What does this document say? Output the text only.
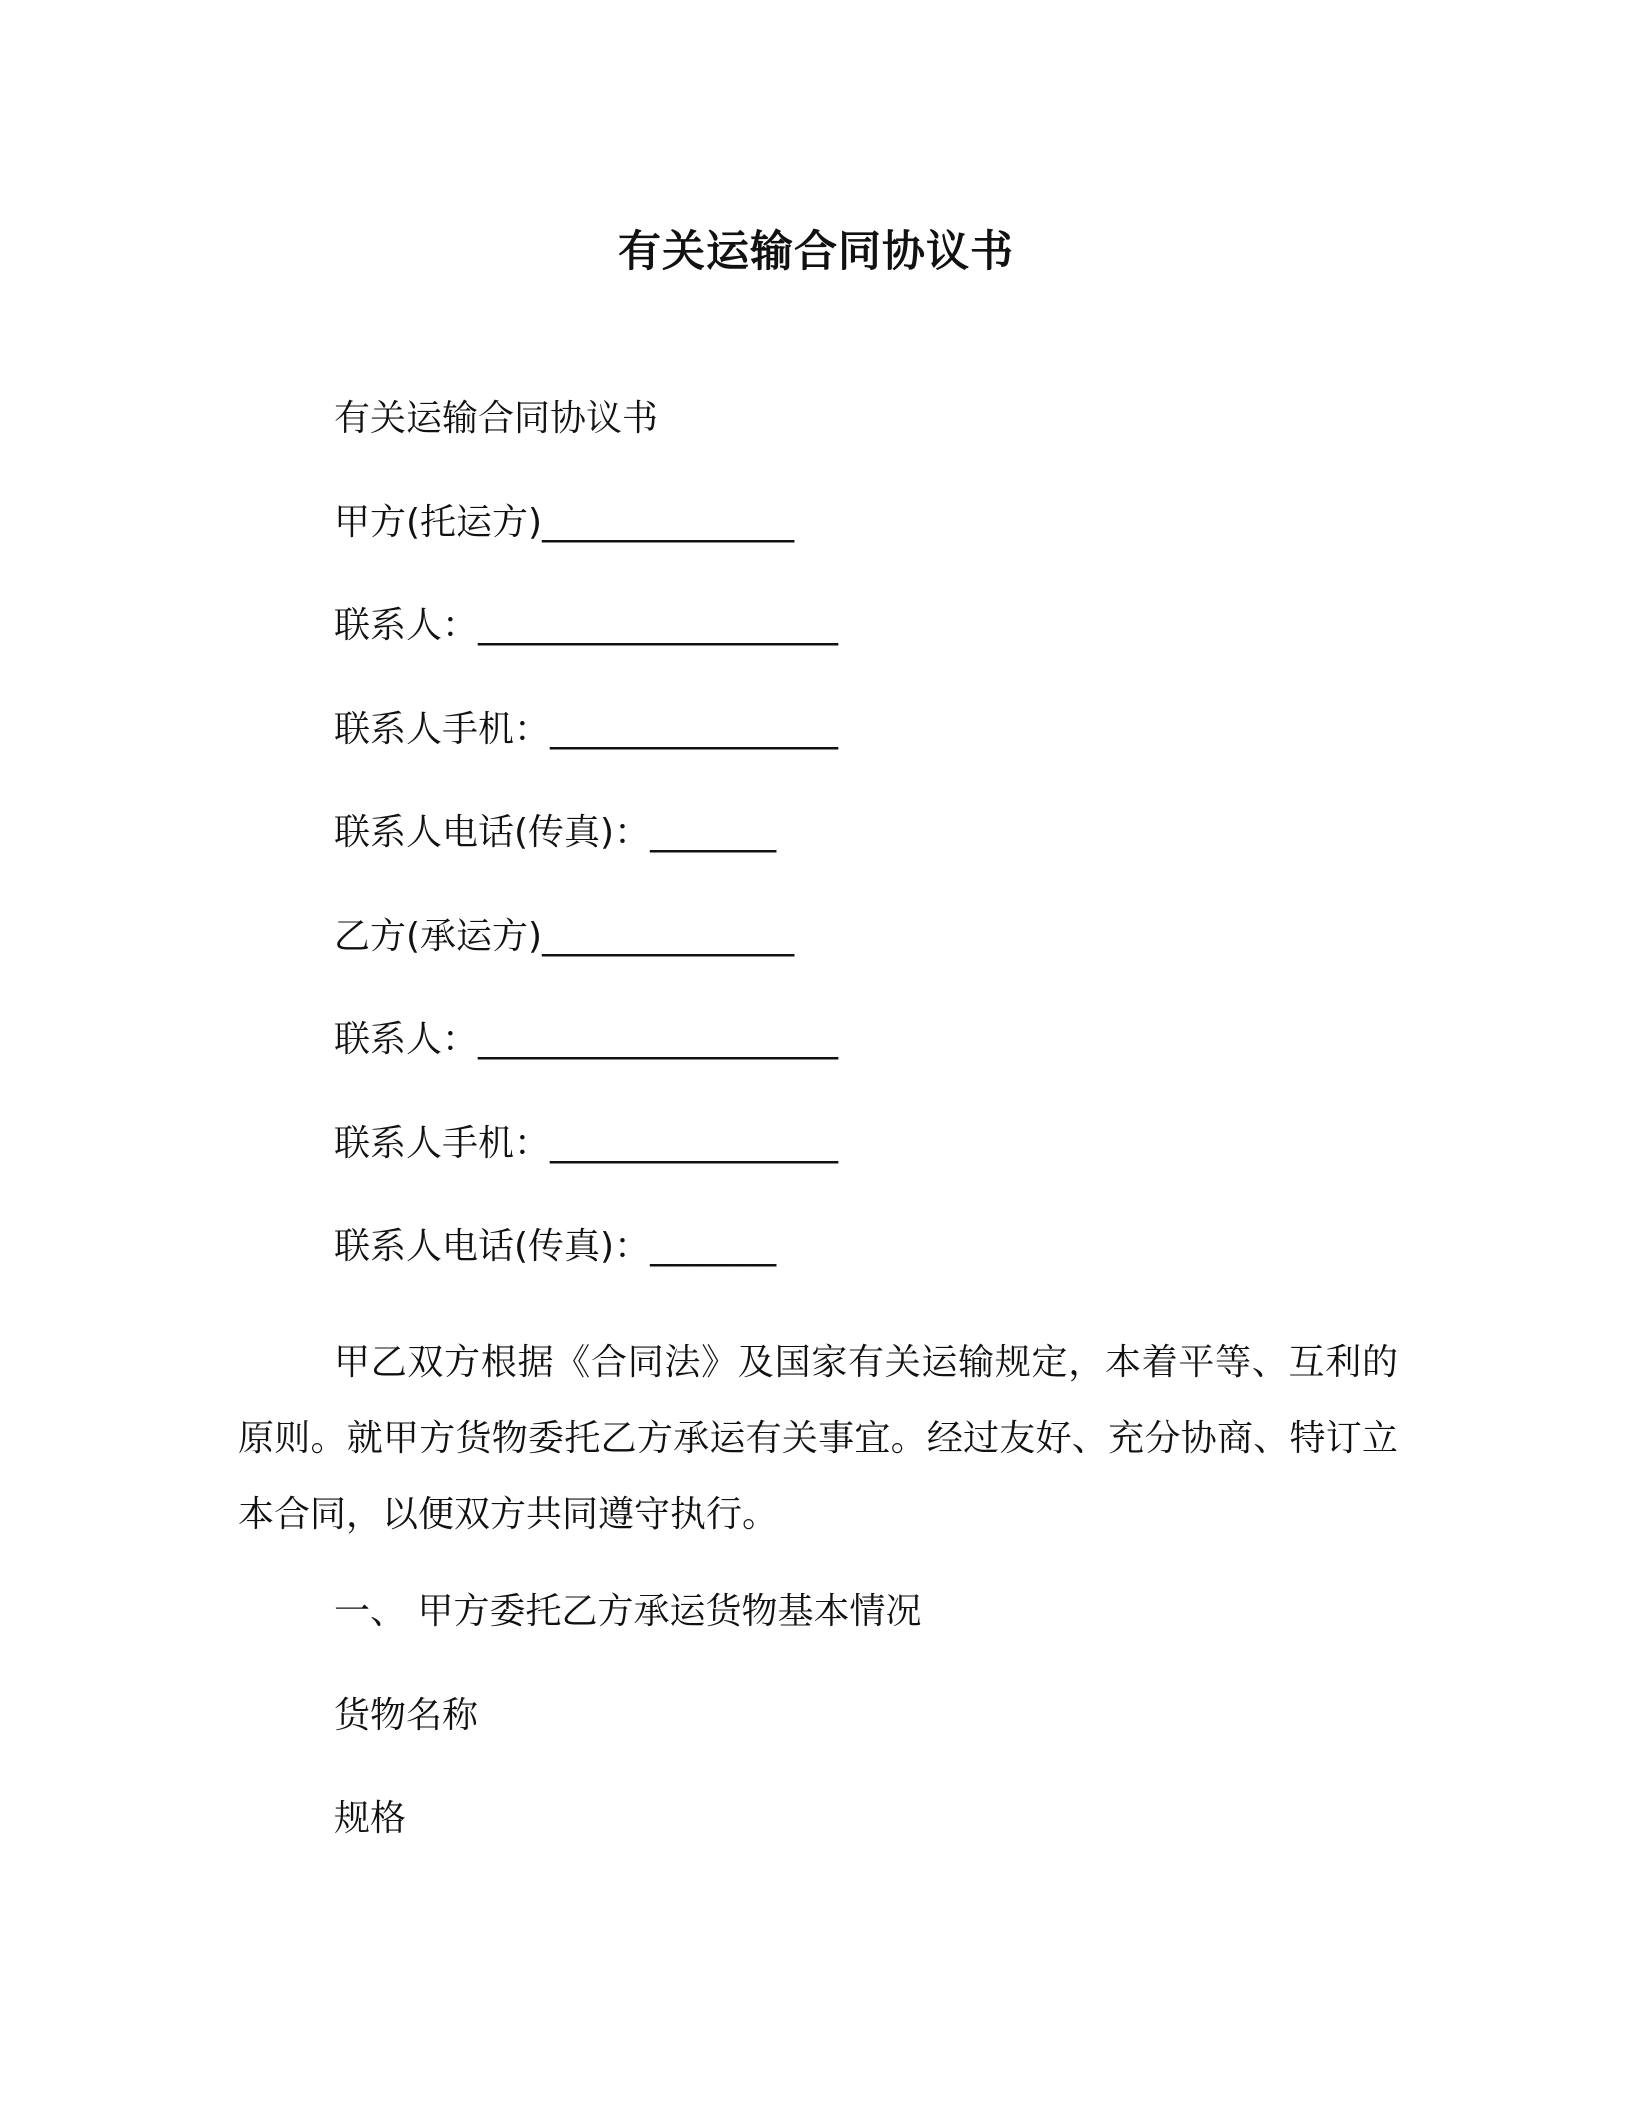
有关运输合同协议书
有关运输合同协议书
甲方(托运方)______________
联系人：____________________
联系人手机：________________
联系人电话(传真)：_______
乙方(承运方)______________
联系人：____________________
联系人手机：________________
联系人电话(传真)：_______
甲乙双方根据《合同法》及国家有关运输规定，本着平等、互利的原则。就甲方货物委托乙方承运有关事宜。经过友好、充分协商、特订立本合同，以便双方共同遵守执行。
一、 甲方委托乙方承运货物基本情况
货物名称
规格
